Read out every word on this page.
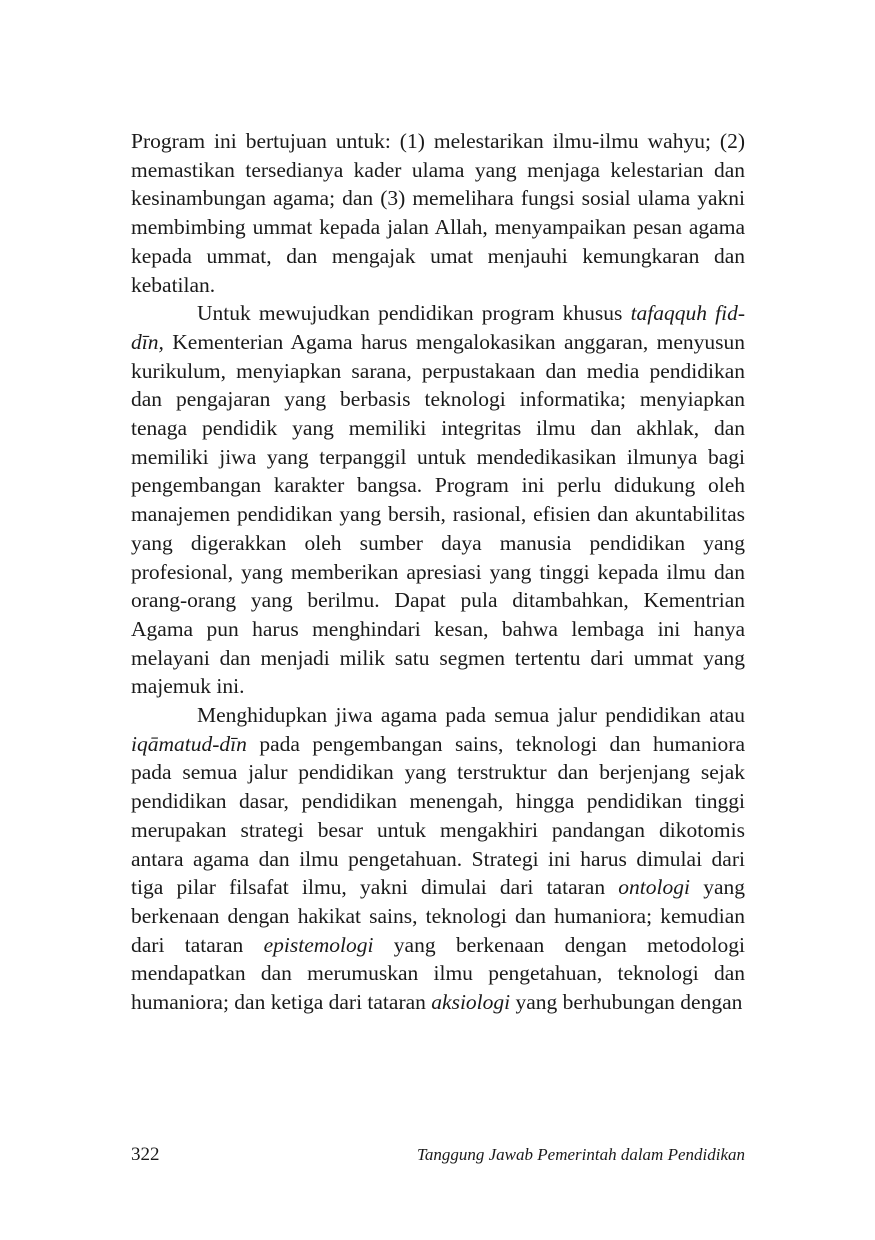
Program ini bertujuan untuk: (1) melestarikan ilmu-ilmu wahyu; (2) memastikan tersedianya kader ulama yang menjaga kelestarian dan kesinambungan agama; dan (3) memelihara fungsi sosial ulama yakni membimbing ummat kepada jalan Allah, menyampaikan pesan agama kepada ummat, dan mengajak umat menjauhi kemungkaran dan kebatilan.

Untuk mewujudkan pendidikan program khusus tafaqquh fid-dīn, Kementerian Agama harus mengalokasikan anggaran, menyusun kurikulum, menyiapkan sarana, perpustakaan dan media pendidikan dan pengajaran yang berbasis teknologi informatika; menyiapkan tenaga pendidik yang memiliki integritas ilmu dan akhlak, dan memiliki jiwa yang terpanggil untuk mendedikasikan ilmunya bagi pengembangan karakter bangsa. Program ini perlu didukung oleh manajemen pendidikan yang bersih, rasional, efisien dan akuntabilitas yang digerakkan oleh sumber daya manusia pendidikan yang profesional, yang memberikan apresiasi yang tinggi kepada ilmu dan orang-orang yang berilmu. Dapat pula ditambahkan, Kementrian Agama pun harus menghindari kesan, bahwa lembaga ini hanya melayani dan menjadi milik satu segmen tertentu dari ummat yang majemuk ini.

Menghidupkan jiwa agama pada semua jalur pendidikan atau iqāmatud-dīn pada pengembangan sains, teknologi dan humaniora pada semua jalur pendidikan yang terstruktur dan berjenjang sejak pendidikan dasar, pendidikan menengah, hingga pendidikan tinggi merupakan strategi besar untuk mengakhiri pandangan dikotomis antara agama dan ilmu pengetahuan. Strategi ini harus dimulai dari tiga pilar filsafat ilmu, yakni dimulai dari tataran ontologi yang berkenaan dengan hakikat sains, teknologi dan humaniora; kemudian dari tataran epistemologi yang berkenaan dengan metodologi mendapatkan dan merumuskan ilmu pengetahuan, teknologi dan humaniora; dan ketiga dari tataran aksiologi yang berhubungan dengan

322	Tanggung Jawab Pemerintah dalam Pendidikan
